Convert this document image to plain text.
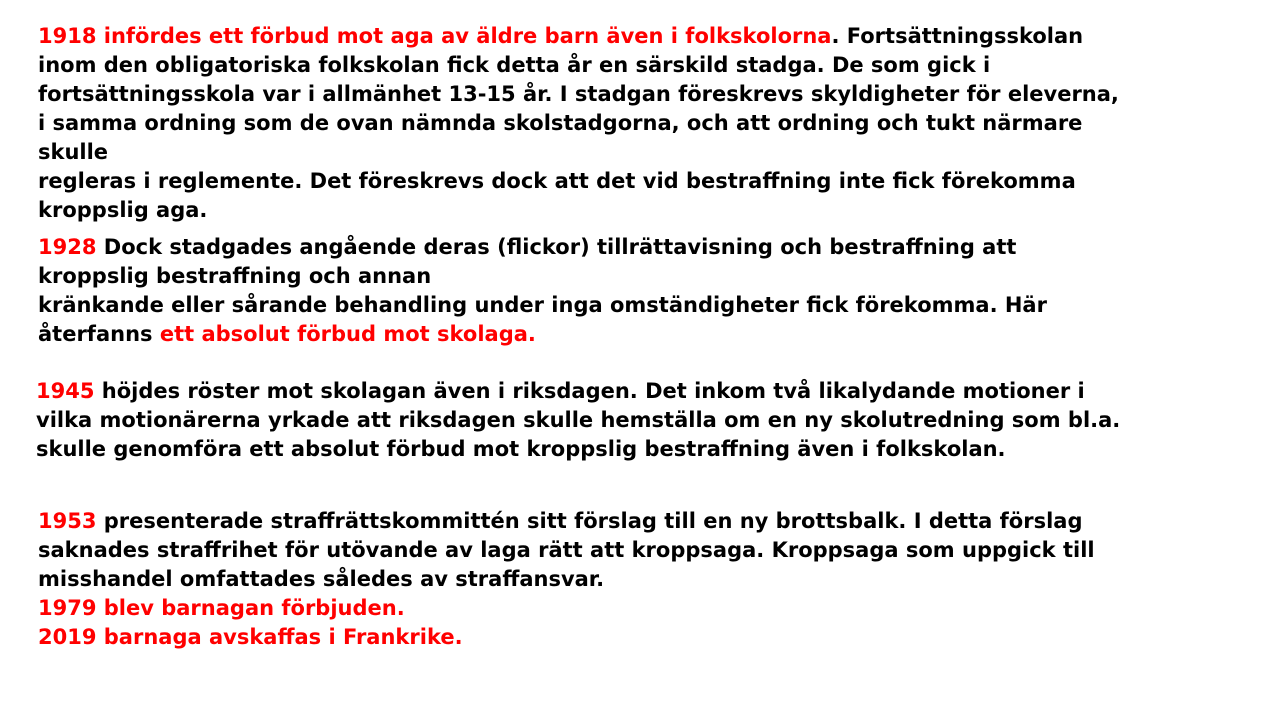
1918 infördes ett förbud mot aga av äldre barn även i folkskolorna. Fortsättningsskolan
inom den obligatoriska folkskolan fick detta år en särskild stadga. De som gick i
fortsättningsskola var i allmänhet 13-15 år. I stadgan föreskrevs skyldigheter för eleverna,
i samma ordning som de ovan nämnda skolstadgorna, och att ordning och tukt närmare
skulle
regleras i reglemente. Det föreskrevs dock att det vid bestraffning inte fick förekomma
kroppslig aga.

1928 Dock stadgades angående deras (flickor) tillrättavisning och bestraffning att
kroppslig bestraffning och annan
kränkande eller sårande behandling under inga omständigheter fick förekomma. Här
återfanns ett absolut förbud mot skolaga.

1945 höjdes röster mot skolagan även i riksdagen. Det inkom två likalydande motioner i
vilka motionärerna yrkade att riksdagen skulle hemställa om en ny skolutredning som bl.a.
skulle genomföra ett absolut förbud mot kroppslig bestraffning även i folkskolan.

1953 presenterade straffrättskommittén sitt förslag till en ny brottsbalk. I detta förslag
saknades straffrihet för utövande av laga rätt att kroppsaga. Kroppsaga som uppgick till
misshandel omfattades således av straffansvar.
1979 blev barnagan förbjuden.
2019 barnaga avskaffas i Frankrike.
